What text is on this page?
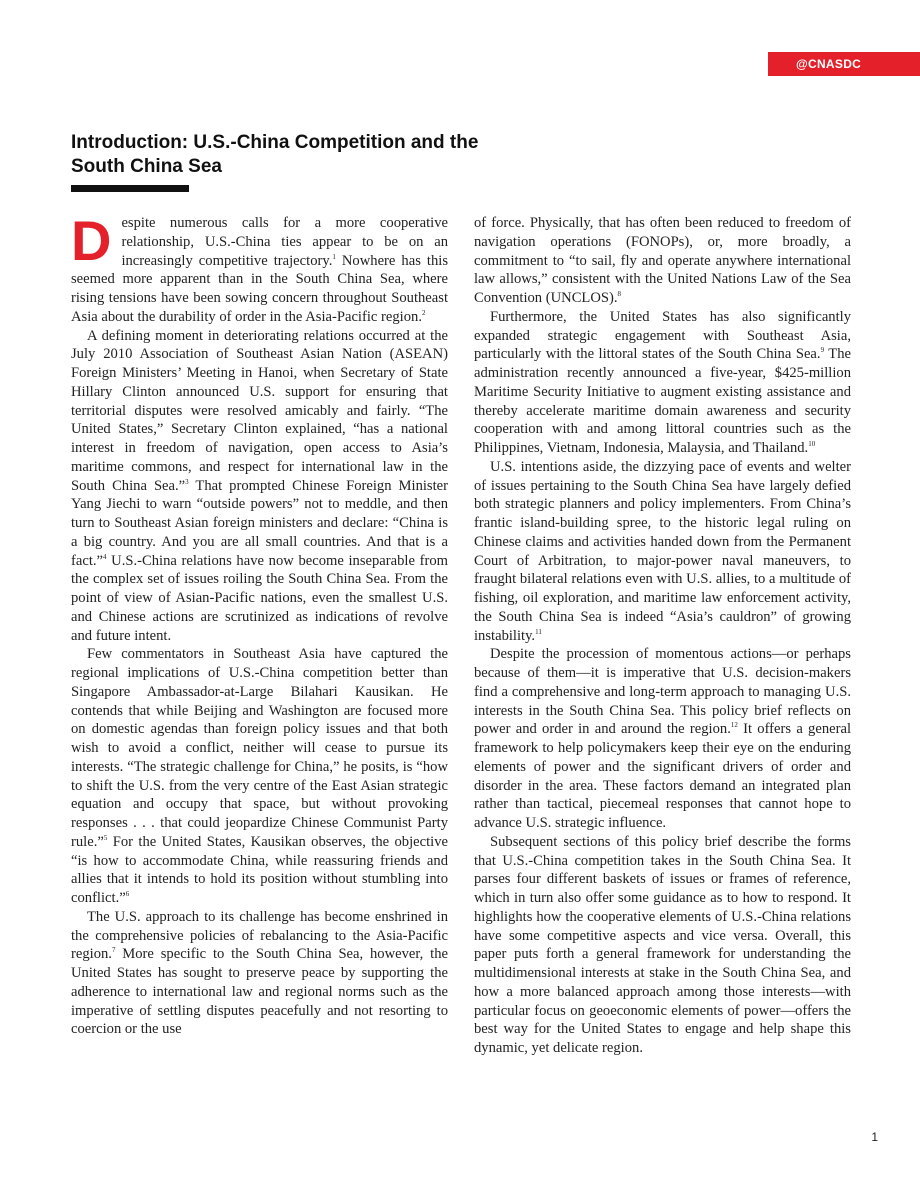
@CNASDC
Introduction: U.S.-China Competition and the South China Sea

Despite numerous calls for a more cooperative relationship, U.S.-China ties appear to be on an increasingly competitive trajectory.$^1$ Nowhere has this seemed more apparent than in the South China Sea, where rising tensions have been sowing concern throughout Southeast Asia about the durability of order in the Asia-Pacific region.$^2$

A defining moment in deteriorating relations occurred at the July 2010 Association of Southeast Asian Nation (ASEAN) Foreign Ministers’ Meeting in Hanoi, when Secretary of State Hillary Clinton announced U.S. support for ensuring that territorial disputes were resolved amicably and fairly. “The United States,” Secretary Clinton explained, “has a national interest in freedom of navigation, open access to Asia’s maritime commons, and respect for international law in the South China Sea.”$^3$ That prompted Chinese Foreign Minister Yang Jiechi to warn “outside powers” not to meddle, and then turn to Southeast Asian foreign ministers and declare: “China is a big country. And you are all small countries. And that is a fact.”$^4$ U.S.-China relations have now become inseparable from the complex set of issues roiling the South China Sea. From the point of view of Asian-Pacific nations, even the smallest U.S. and Chinese actions are scrutinized as indications of revolve and future intent.

Few commentators in Southeast Asia have captured the regional implications of U.S.-China competition better than Singapore Ambassador-at-Large Bilahari Kausikan. He contends that while Beijing and Washington are focused more on domestic agendas than foreign policy issues and that both wish to avoid a conflict, neither will cease to pursue its interests. “The strategic challenge for China,” he posits, is “how to shift the U.S. from the very centre of the East Asian strategic equation and occupy that space, but without provoking responses . . . that could jeopardize Chinese Communist Party rule.”$^5$ For the United States, Kausikan observes, the objective “is how to accommodate China, while reassuring friends and allies that it intends to hold its position without stumbling into conflict.”$^6$

The U.S. approach to its challenge has become enshrined in the comprehensive policies of rebalancing to the Asia-Pacific region.$^7$ More specific to the South China Sea, however, the United States has sought to preserve peace by supporting the adherence to international law and regional norms such as the imperative of settling disputes peacefully and not resorting to coercion or the use

of force. Physically, that has often been reduced to freedom of navigation operations (FONOPs), or, more broadly, a commitment to “to sail, fly and operate anywhere international law allows,” consistent with the United Nations Law of the Sea Convention (UNCLOS).$^8$

Furthermore, the United States has also significantly expanded strategic engagement with Southeast Asia, particularly with the littoral states of the South China Sea.$^9$ The administration recently announced a five-year, $425-million Maritime Security Initiative to augment existing assistance and thereby accelerate maritime domain awareness and security cooperation with and among littoral countries such as the Philippines, Vietnam, Indonesia, Malaysia, and Thailand.$^{10}$

U.S. intentions aside, the dizzying pace of events and welter of issues pertaining to the South China Sea have largely defied both strategic planners and policy implementers. From China’s frantic island-building spree, to the historic legal ruling on Chinese claims and activities handed down from the Permanent Court of Arbitration, to major-power naval maneuvers, to fraught bilateral relations even with U.S. allies, to a multitude of fishing, oil exploration, and maritime law enforcement activity, the South China Sea is indeed “Asia’s cauldron” of growing instability.$^{11}$

Despite the procession of momentous actions—or perhaps because of them—it is imperative that U.S. decision-makers find a comprehensive and long-term approach to managing U.S. interests in the South China Sea. This policy brief reflects on power and order in and around the region.$^{12}$ It offers a general framework to help policymakers keep their eye on the enduring elements of power and the significant drivers of order and disorder in the area. These factors demand an integrated plan rather than tactical, piecemeal responses that cannot hope to advance U.S. strategic influence.

Subsequent sections of this policy brief describe the forms that U.S.-China competition takes in the South China Sea. It parses four different baskets of issues or frames of reference, which in turn also offer some guidance as to how to respond. It highlights how the cooperative elements of U.S.-China relations have some competitive aspects and vice versa. Overall, this paper puts forth a general framework for understanding the multidimensional interests at stake in the South China Sea, and how a more balanced approach among those interests—with particular focus on geoeconomic elements of power—offers the best way for the United States to engage and help shape this dynamic, yet delicate region.

1
